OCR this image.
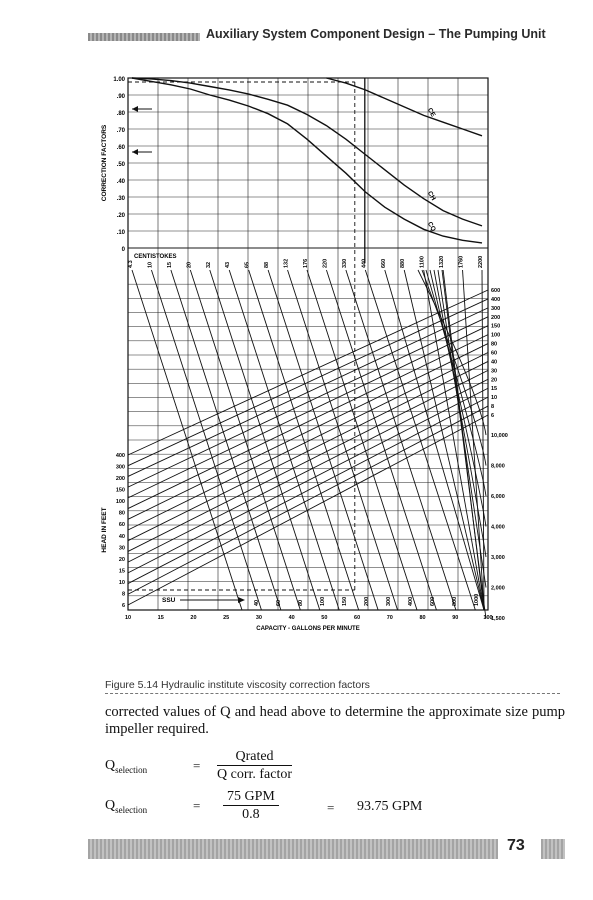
Auxiliary System Component Design – The Pumping Unit
1.00
.90
.80
.70
.60
.50
.40
.30
.20
.10
0
CORRECTION FACTORS
400
300
200
150
100
80
60
40
30
20
15
10
8
6
HEAD IN FEET
CENTISTOKES
4.3 10 15 20 32 43 65 88 132 176 220 330 440 660 880 1100 1320 1760 2200
600
400
300
200
150
100
80
60
40
30
20
15
10
8
6
10,000
8,000
6,000
4,000
3,000
2,000
1,500
SSU	40	60	80	100	150	200	300	400	600	800	1000
10	15	20	25	30	40	50	60	70	80	90	100
CAPACITY - GALLONS PER MINUTE
CQ
CH
CE
Figure 5.14 Hydraulic institute viscosity correction factors
corrected values of Q and head above to determine the approximate size pump impeller required.
$Q_{selection}$	=
Qrated
Q corr. factor
$Q_{selection}$	=
75 GPM
0.8	= 93.75 GPM
73
